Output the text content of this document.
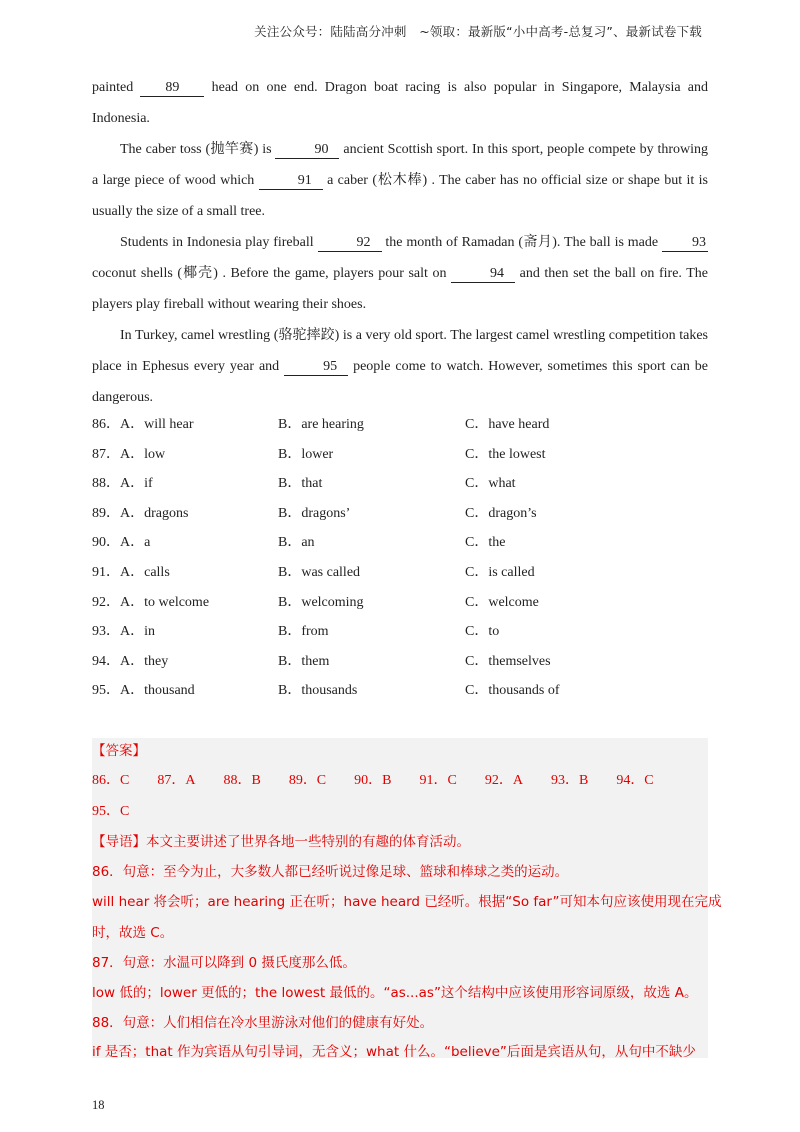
关注公众号：陆陆高分冲刺　~领取：最新版“小中高考-总复习”、最新试卷下载

painted 89 head on one end. Dragon boat racing is also popular in Singapore, Malaysia and Indonesia.

The caber toss (抛竿赛) is	90 ancient Scottish sport. In this sport, people compete by throwing a large piece of wood which	91 a caber (松木棒) . The caber has no official size or shape but it is usually the size of a small tree.

Students in Indonesia play fireball	92 the month of Ramadan (斋月). The ball is made 93 coconut shells (椰壳) . Before the game, players pour salt on	94 and then set the ball on fire. The players play fireball without wearing their shoes.

In Turkey, camel wrestling (骆驼摔跤) is a very old sport. The largest camel wrestling competition takes place in Ephesus every year and	95 people come to watch. However, sometimes this sport can be dangerous.

86．A．will hear	B．are hearing	C．have heard
87．A．low	B．lower	C．the lowest
88．A．if	B．that	C．what
89．A．dragons	B．dragons’	C．dragon’s
90．A．a	B．an	C．the
91．A．calls	B．was called	C．is called
92．A．to welcome	B．welcoming	C．welcome
93．A．in	B．from	C．to
94．A．they	B．them	C．themselves
95．A．thousand	B．thousands	C．thousands of
【答案】
86．C 87．A 88．B 89．C 90．B 91．C 92．A 93．B 94．C
95．C
【导语】本文主要讲述了世界各地一些特别的有趣的体育活动。
86．句意：至今为止，大多数人都已经听说过像足球、篮球和棒球之类的运动。
will hear 将会听；are hearing 正在听；have heard 已经听。根据“So far”可知本句应该使用现在完成
时，故选 C。
87．句意：水温可以降到 0 摄氏度那么低。
low 低的；lower 更低的；the lowest 最低的。“as...as”这个结构中应该使用形容词原级，故选 A。
88．句意：人们相信在冷水里游泳对他们的健康有好处。
if 是否；that 作为宾语从句引导词，无含义；what 什么。“believe”后面是宾语从句，从句中不缺少
18
